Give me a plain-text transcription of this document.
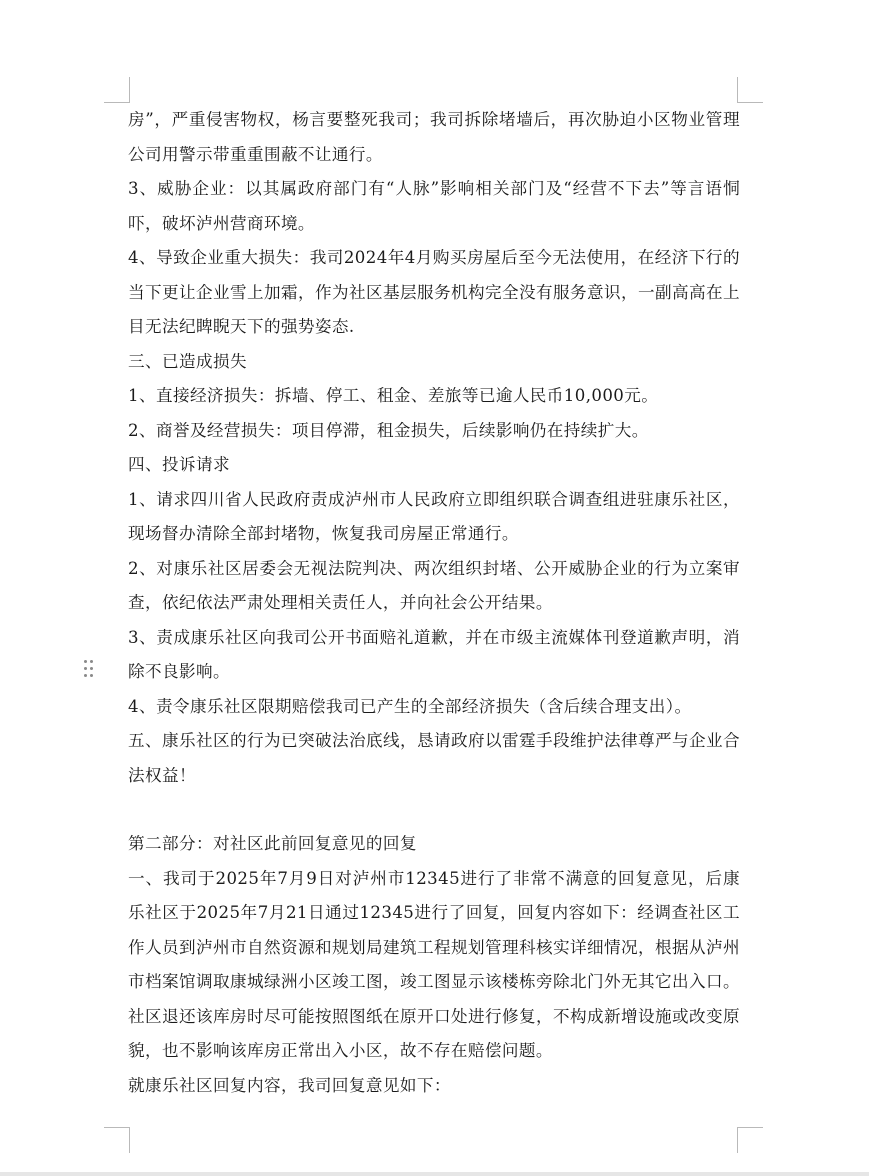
房”，严重侵害物权，杨言要整死我司；我司拆除堵墙后，再次胁迫小区物业管理公司用警示带重重围蔽不让通行。

3、威胁企业：以其属政府部门有“人脉”影响相关部门及“经营不下去”等言语恫吓，破坏泸州营商环境。

4、导致企业重大损失：我司2024年4月购买房屋后至今无法使用，在经济下行的当下更让企业雪上加霜，作为社区基层服务机构完全没有服务意识，一副高高在上目无法纪睥睨天下的强势姿态.

三、已造成损失

1、直接经济损失：拆墙、停工、租金、差旅等已逾人民币10,000元。

2、商誉及经营损失：项目停滞，租金损失，后续影响仍在持续扩大。

四、投诉请求

1、请求四川省人民政府责成泸州市人民政府立即组织联合调查组进驻康乐社区，现场督办清除全部封堵物，恢复我司房屋正常通行。

2、对康乐社区居委会无视法院判决、两次组织封堵、公开威胁企业的行为立案审查，依纪依法严肃处理相关责任人，并向社会公开结果。

3、责成康乐社区向我司公开书面赔礼道歉，并在市级主流媒体刊登道歉声明，消除不良影响。

4、责令康乐社区限期赔偿我司已产生的全部经济损失（含后续合理支出）。

五、康乐社区的行为已突破法治底线，恳请政府以雷霆手段维护法律尊严与企业合法权益！

第二部分：对社区此前回复意见的回复

一、我司于2025年7月9日对泸州市12345进行了非常不满意的回复意见，后康乐社区于2025年7月21日通过12345进行了回复，回复内容如下：经调查社区工作人员到泸州市自然资源和规划局建筑工程规划管理科核实详细情况，根据从泸州市档案馆调取康城绿洲小区竣工图，竣工图显示该楼栋旁除北门外无其它出入口。社区退还该库房时尽可能按照图纸在原开口处进行修复，不构成新增设施或改变原貌，也不影响该库房正常出入小区，故不存在赔偿问题。

就康乐社区回复内容，我司回复意见如下：
